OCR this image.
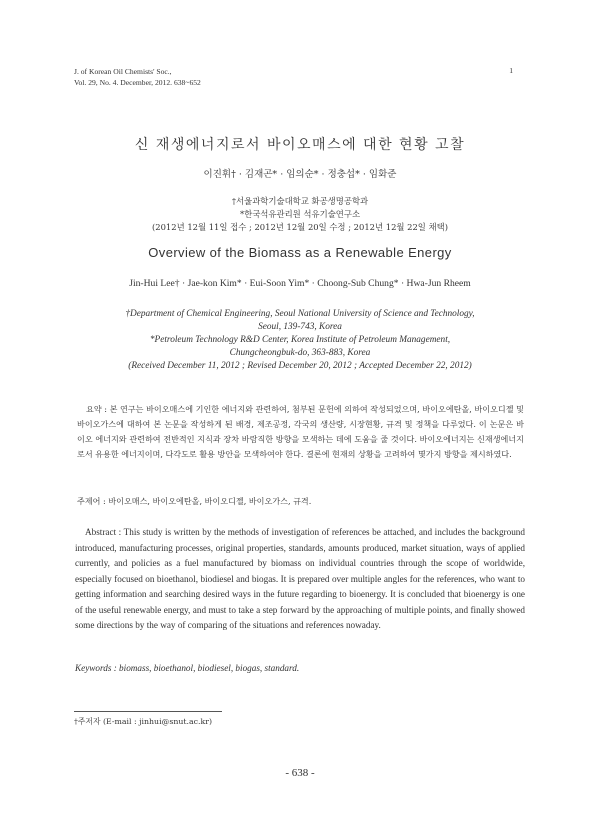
J. of Korean Oil Chemists' Soc.,
Vol. 29, No. 4. December, 2012. 638~652
1
신 재생에너지로서 바이오매스에 대한 현황 고찰
이진휘† · 김재곤* · 임의순* · 정충섭* · 임화준
†서울과학기술대학교 화공생명공학과
*한국석유관리원 석유기술연구소
(2012년 12월 11일 접수 ; 2012년 12월 20일 수정 ; 2012년 12월 22일 채택)
Overview of the Biomass as a Renewable Energy
Jin-Hui Lee† · Jae-kon Kim* · Eui-Soon Yim* · Choong-Sub Chung* · Hwa-Jun Rheem
†Department of Chemical Engineering, Seoul National University of Science and Technology,
Seoul, 139-743, Korea
*Petroleum Technology R&D Center, Korea Institute of Petroleum Management,
Chungcheongbuk-do, 363-883, Korea
(Received December 11, 2012 ; Revised December 20, 2012 ; Accepted December 22, 2012)

요약 : 본 연구는 바이오매스에 기인한 에너지와 관련하여, 첨부된 문헌에 의하여 작성되었으며, 바이오에탄올, 바이오디젤 및 바이오가스에 대하여 본 논문을 작성하게 된 배경, 제조공정, 각국의 생산량, 시장현황, 규격 및 정책을 다루었다. 이 논문은 바이오 에너지와 관련하여 전반적인 지식과 장차 바람직한 방향을 모색하는 데에 도움을 줄 것이다. 바이오에너지는 신재생에너지로서 유용한 에너지이며, 다각도로 활용 방안을 모색하여야 한다. 결론에 현재의 상황을 고려하여 몇가지 방향을 제시하였다.

주제어 : 바이오매스, 바이오에탄올, 바이오디젤, 바이오가스, 규격.

Abstract : This study is written by the methods of investigation of references be attached, and includes the background introduced, manufacturing processes, original properties, standards, amounts produced, market situation, ways of applied currently, and policies as a fuel manufactured by biomass on individual countries through the scope of worldwide, especially focused on bioethanol, biodiesel and biogas. It is prepared over multiple angles for the references, who want to getting information and searching desired ways in the future regarding to bioenergy. It is concluded that bioenergy is one of the useful renewable energy, and must to take a step forward by the approaching of multiple points, and finally showed some directions by the way of comparing of the situations and references nowaday.

Keywords : biomass, bioethanol, biodiesel, biogas, standard.
†주저자 (E-mail : jinhui@snut.ac.kr)
- 638 -
